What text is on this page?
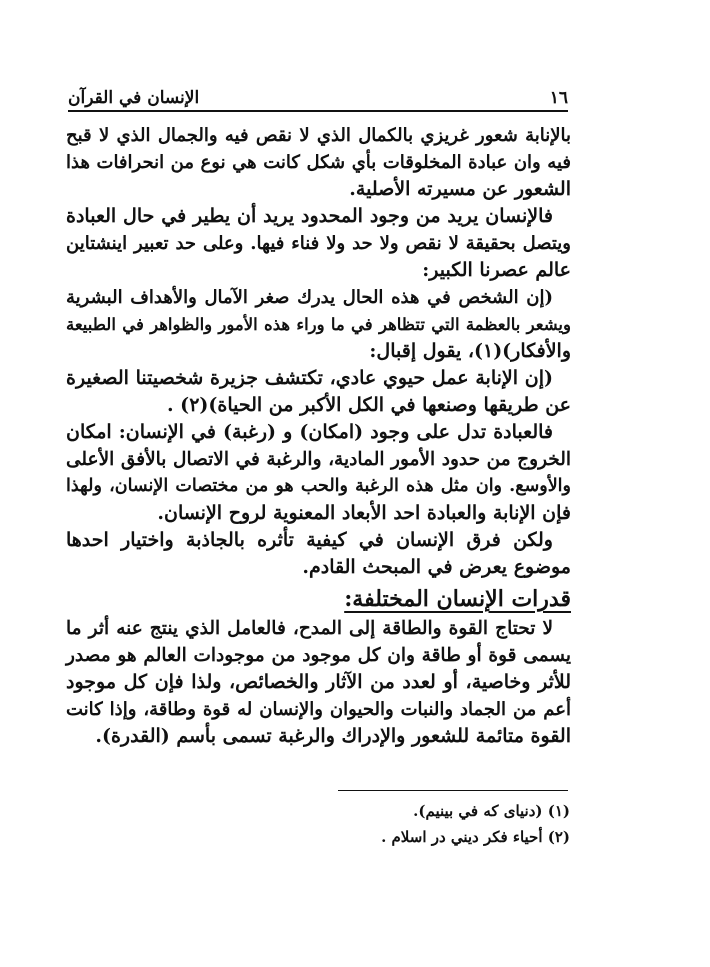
١٦
الإنسان في القرآن
بالإنابة شعور غريزي بالكمال الذي لا نقص فيه والجمال الذي لا قبح
فيه وان عبادة المخلوقات بأي شكل كانت هي نوع من انحرافات هذا
الشعور عن مسيرته الأصلية.
فالإنسان يريد من وجود المحدود يريد أن يطير في حال العبادة
ويتصل بحقيقة لا نقص ولا حد ولا فناء فيها. وعلى حد تعبير اينشتاين
عالم عصرنا الكبير:
(إن الشخص في هذه الحال يدرك صغر الآمال والأهداف البشرية
ويشعر بالعظمة التي تتظاهر في ما وراء هذه الأمور والظواهر في الطبيعة
والأفكار)(١)، يقول إقبال:
(إن الإنابة عمل حيوي عادي، تكتشف جزيرة شخصيتنا الصغيرة
عن طريقها وصنعها في الكل الأكبر من الحياة)(٢) .
فالعبادة تدل على وجود (امكان) و (رغبة) في الإنسان: امكان
الخروج من حدود الأمور المادية، والرغبة في الاتصال بالأفق الأعلى
والأوسع. وان مثل هذه الرغبة والحب هو من مختصات الإنسان، ولهذا
فإن الإنابة والعبادة احد الأبعاد المعنوية لروح الإنسان.
ولكن فرق الإنسان في كيفية تأثره بالجاذبة واختيار احدها
موضوع يعرض في المبحث القادم.
قدرات الإنسان المختلفة:
لا تحتاج القوة والطاقة إلى المدح، فالعامل الذي ينتج عنه أثر ما
يسمى قوة أو طاقة وان كل موجود من موجودات العالم هو مصدر
للأثر وخاصية، أو لعدد من الآثار والخصائص، ولذا فإن كل موجود
أعم من الجماد والنبات والحيوان والإنسان له قوة وطاقة، وإذا كانت
القوة متائمة للشعور والإدراك والرغبة تسمى بأسم (القدرة).
(١) (دنياى كه في بينيم).
(٢) أحياء فكر ديني در اسلام .
